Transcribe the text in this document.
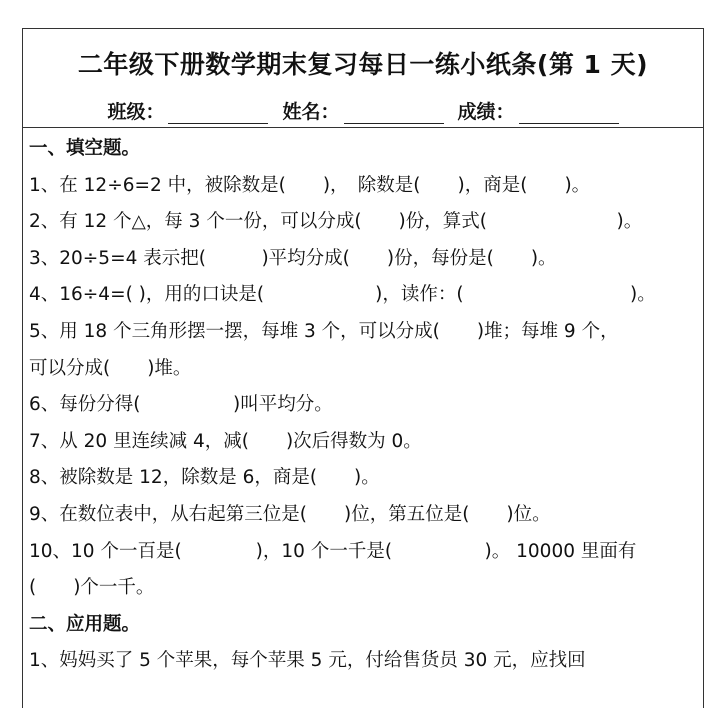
二年级下册数学期末复习每日一练小纸条(第 1 天)
班级：	姓名：	成绩：
一、填空题。
1、在 12÷6=2 中，被除数是(　　)，　除数是(　　)，商是(　　)。
2、有 12 个△，每 3 个一份，可以分成(　　)份，算式(　　　　　　　)。
3、20÷5=4 表示把(　　　)平均分成(　　)份，每份是(　　)。
4、16÷4=( )，用的口诀是(　　　　　　)，读作：(　　　　　　　　　)。
5、用 18 个三角形摆一摆，每堆 3 个，可以分成(　　)堆；每堆 9 个，
可以分成(　　)堆。
6、每份分得(　　　　　)叫平均分。
7、从 20 里连续减 4，减(　　)次后得数为 0。
8、被除数是 12，除数是 6，商是(　　)。
9、在数位表中，从右起第三位是(　　)位，第五位是(　　)位。
10、10 个一百是(　　　　)，10 个一千是(　　　　　)。 10000 里面有
(　　)个一千。
二、应用题。
1、妈妈买了 5 个苹果，每个苹果 5 元，付给售货员 30 元，应找回
